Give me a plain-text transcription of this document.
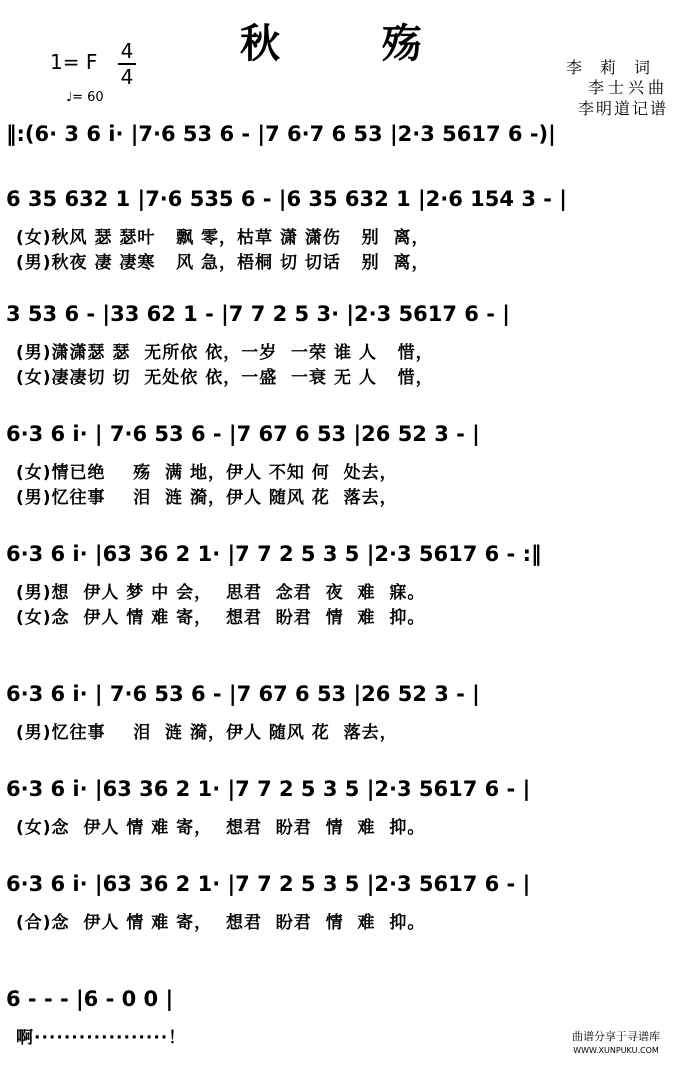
秋 殇
1= F 4
4
♩= 60
李莉词
李士兴曲
李明道记谱
‖:(6· 3 6 i· |7·6 53 6 - |7 6·7 6 53 |2·3 5617 6 -)|
6 35 632 1 |7·6 535 6 - |6 35 632 1 |2·6 154 3 - |
(女)秋风 瑟 瑟叶   飘 零，枯草 潇 潇伤   别  离，
(男)秋夜 凄 凄寒   风 急，梧桐 切 切话   别  离，
3 53 6 - |33 62 1 - |7 7 2 5 3· |2·3 5617 6 - |
(男)潇潇瑟 瑟  无所依 依，一岁  一荣 谁 人   惜，
(女)凄凄切 切  无处依 依，一盛  一衰 无 人   惜，
6·3 6 i· | 7·6 53 6 - |7 67 6 53 |26 52 3 - |
(女)情已绝    殇  满 地，伊人 不知 何  处去，
(男)忆往事    泪  涟 漪，伊人 随风 花  落去，
6·3 6 i· |63 36 2 1· |7 7 2 5 3 5 |2·3 5617 6 - :‖
(男)想  伊人 梦 中 会，  思君  念君  夜  难  寐。
(女)念  伊人 情 难 寄，  想君  盼君  情  难  抑。
6·3 6 i· | 7·6 53 6 - |7 67 6 53 |26 52 3 - |
(男)忆往事    泪  涟 漪，伊人 随风 花  落去，
6·3 6 i· |63 36 2 1· |7 7 2 5 3 5 |2·3 5617 6 - |
(女)念  伊人 情 难 寄，  想君  盼君  情  难  抑。
6·3 6 i· |63 36 2 1· |7 7 2 5 3 5 |2·3 5617 6 - |
(合)念  伊人 情 难 寄，  想君  盼君  情  难  抑。
6 - - - |6 - 0 0 |
啊··················！	曲谱分享于寻谱库
WWW.XUNPUKU.COM
